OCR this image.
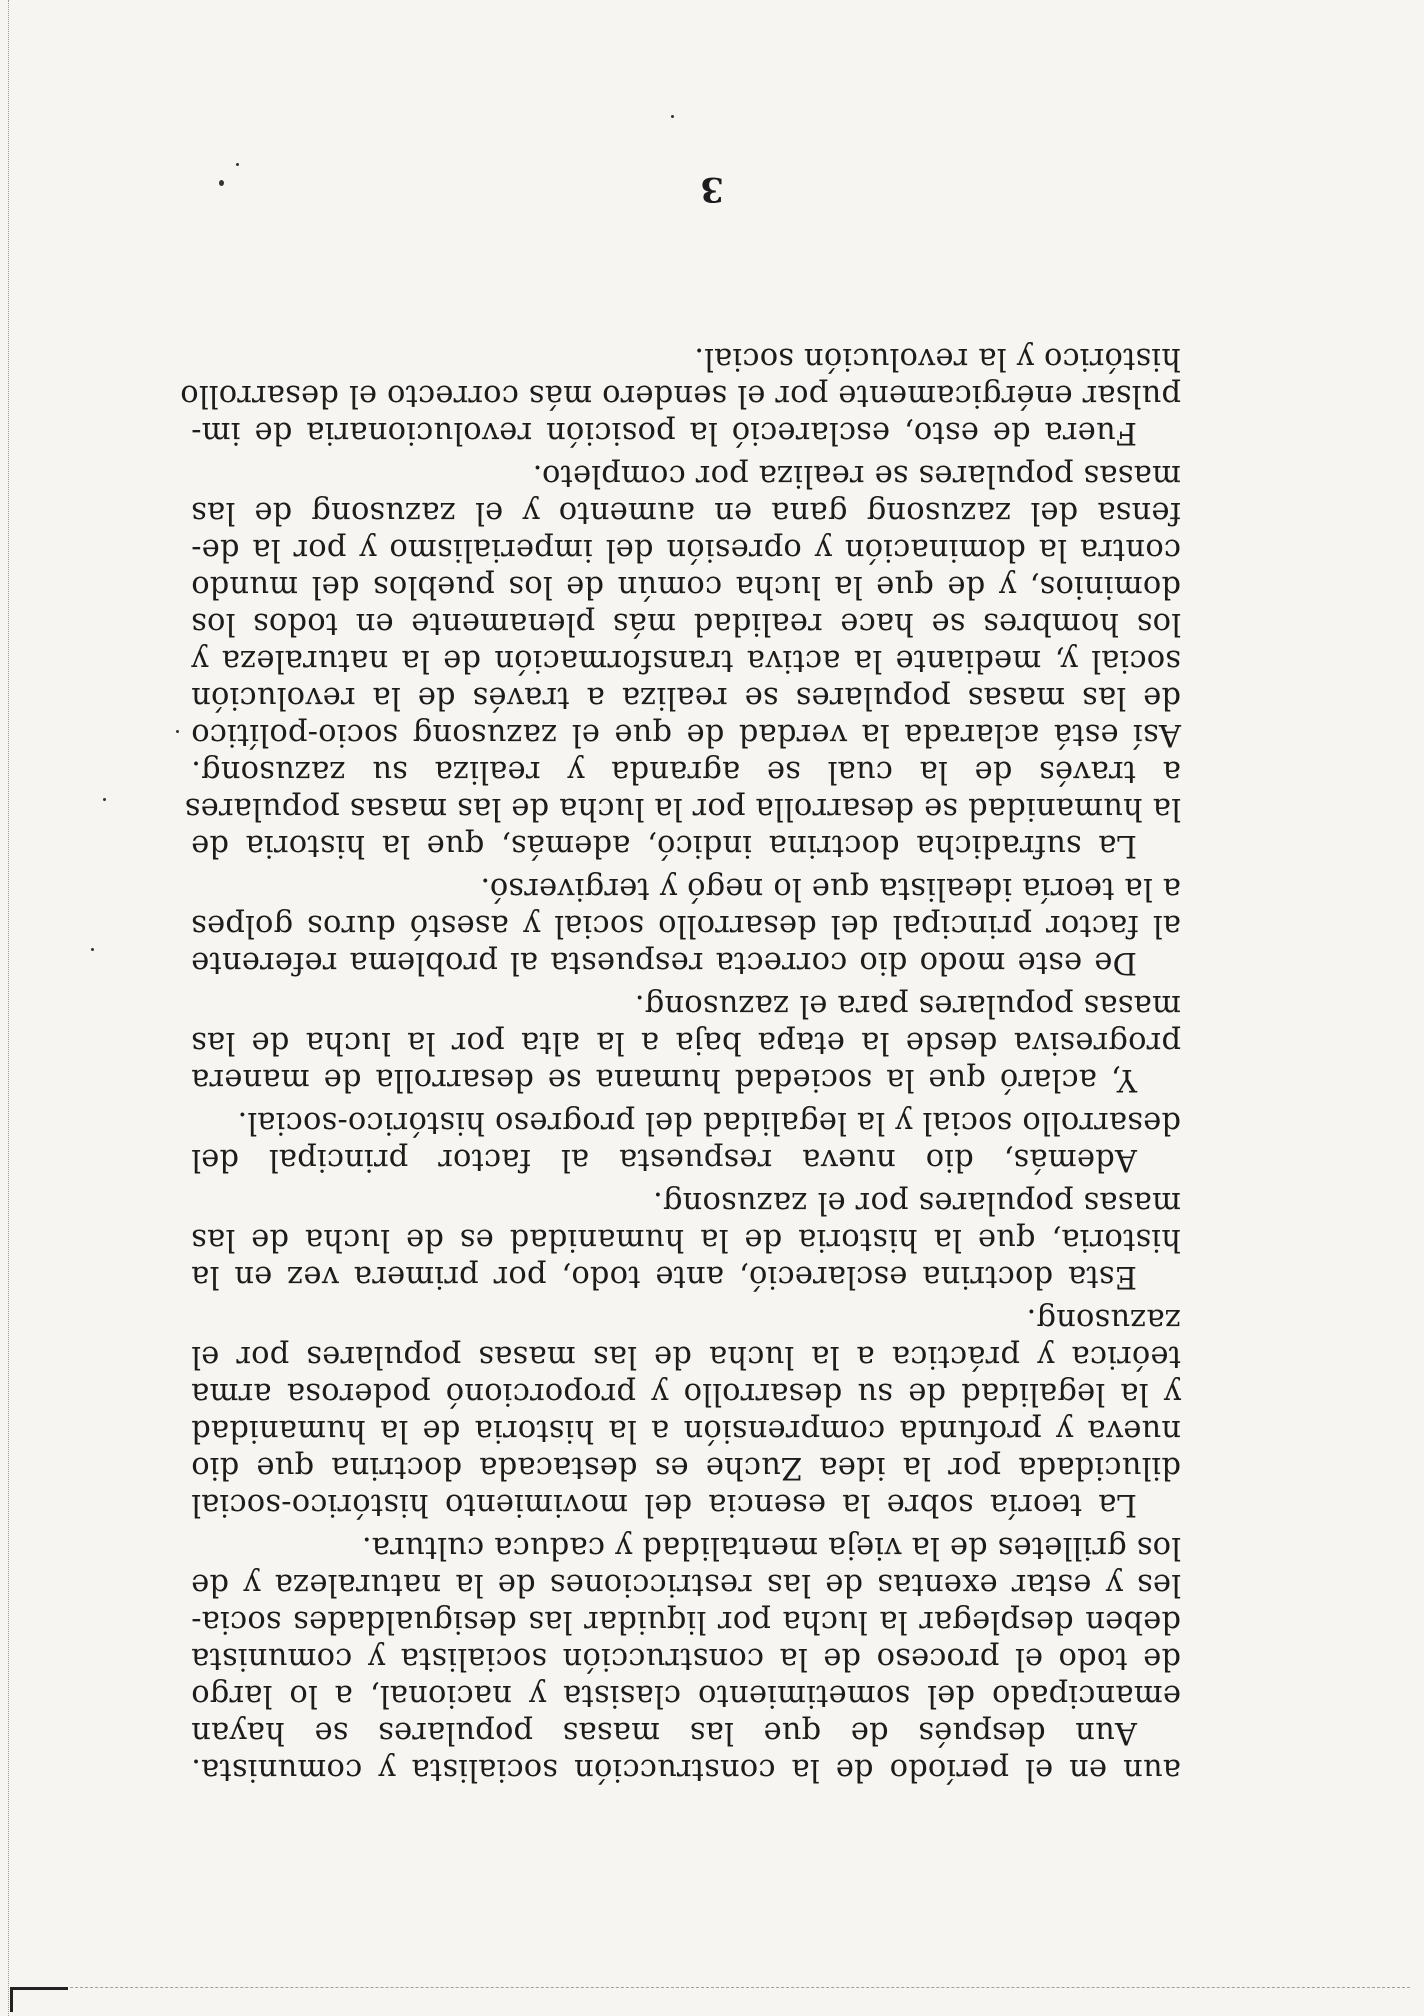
aun en el período de la construcción socialista y comunista.
Aun después de que las masas populares se hayan
emancipado del sometimiento clasista y nacional, a lo largo
de todo el proceso de la construcción socialista y comunista
deben desplegar la lucha por liquidar las desigualdades socia-
les y estar exentas de las restricciones de la naturaleza y de
los grilletes de la vieja mentalidad y caduca cultura.

La teoría sobre la esencia del movimiento histórico-social
dilucidada por la idea Zuche es destacada doctrina que dio
nueva y profunda comprensión a la historia de la humanidad
y la legalidad de su desarrollo y proporcionó poderosa arma
teórica y práctica a la lucha de las masas populares por el
zazusong.

Esta doctrina esclareció, ante todo, por primera vez en la
historia, que la historia de la humanidad es de lucha de las
masas populares por el zazusong.

Además, dio nueva respuesta al factor principal del
desarrollo social y la legalidad del progreso histórico-social.

Y, aclaró que la sociedad humana se desarrolla de manera
progresiva desde la etapa baja a la alta por la lucha de las
masas populares para el zazusong.

De este modo dio correcta respuesta al problema referente
al factor principal del desarrollo social y asestó duros golpes
a la teoría idealista que lo negó y tergiversó.

La sufradicha doctrina indicó, además, que la historia de
la humanidad se desarrolla por la lucha de las masas populares
a través de la cual se agranda y realiza su zazusong.
Así está aclarada la verdad de que el zazusong socio-político
de las masas populares se realiza a través de la revolución
social y, mediante la activa transformación de la naturaleza y
los hombres se hace realidad más plenamente en todos los
dominios, y de que la lucha común de los pueblos del mundo
contra la dominación y opresión del imperialismo y por la de-
fensa del zazusong gana en aumento y el zazusong de las
masas populares se realiza por completo.

Fuera de esto, esclareció la posición revolucionaria de im-
pulsar enérgicamente por el sendero más correcto el desarrollo
histórico y la revolución social.

3
